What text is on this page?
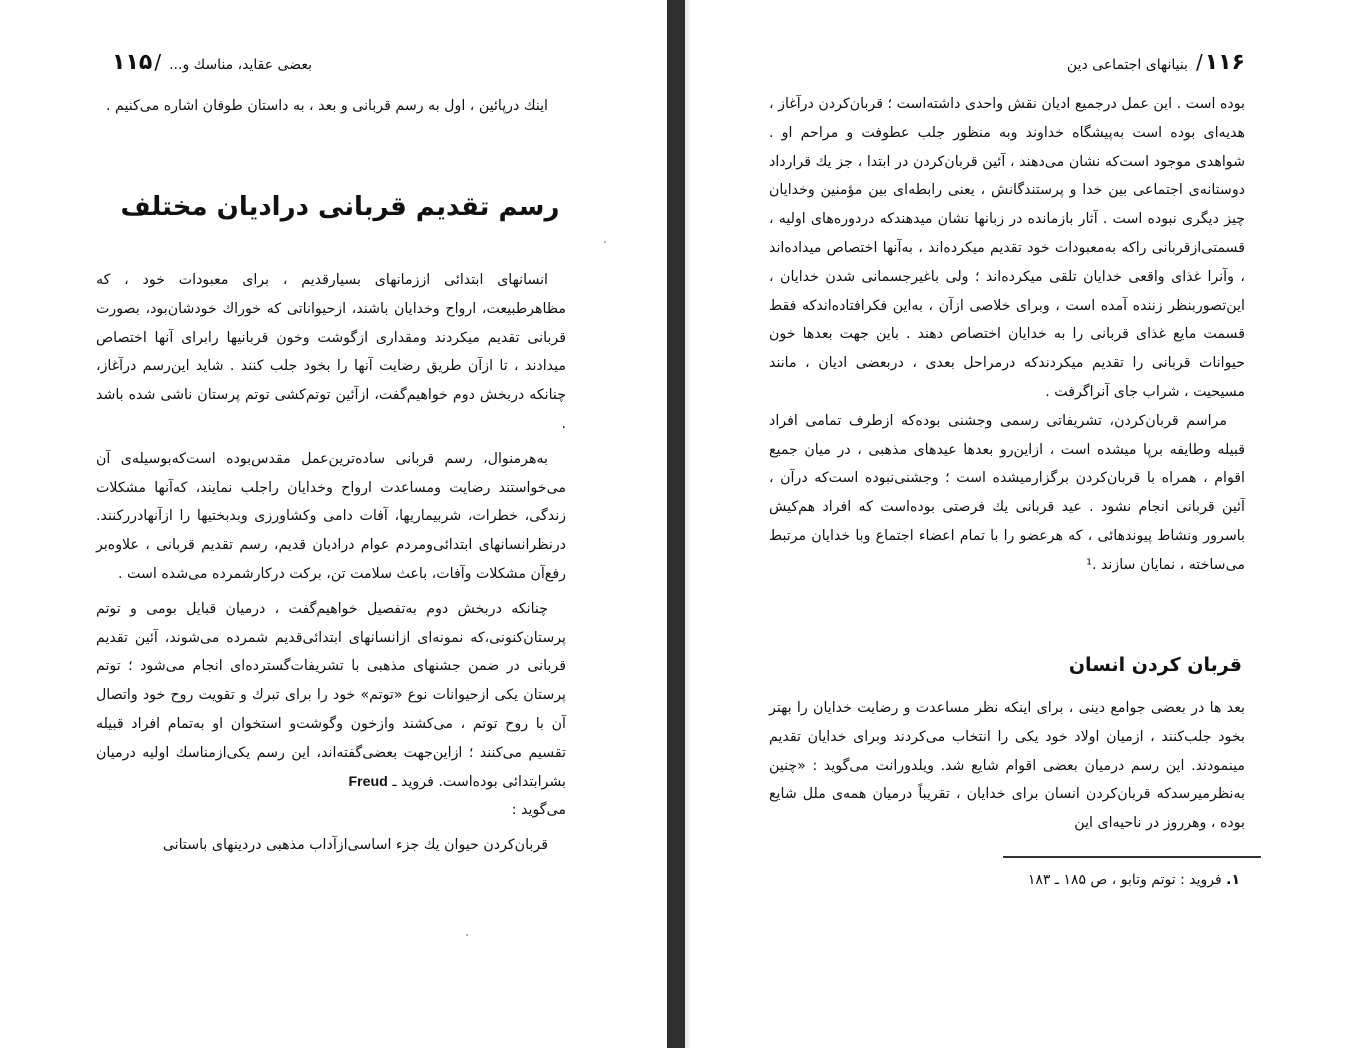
۱۱۵ / بعضی عقاید، مناسك و...

اینك درپائین ، اول به رسم قربانی و بعد ، به داستان طوفان اشاره می‌کنیم .

رسم تقدیم قربانی درادیان مختلف

انسانهای ابتدائی اززمانهای بسیارقدیم ، برای معبودات خود ، که مظاهرطبیعت، ارواح وخدایان باشند، ازحیواناتی که خوراك خودشان‌بود، بصورت قربانی تقدیم میکردند ومقداری ازگوشت وخون قربانیها رابرای آنها اختصاص میدادند ، تا ازآن طریق رضایت آنها را بخود جلب کنند . شاید این‌رسم درآغاز، چنانکه دربخش دوم خواهیم‌گفت، ازآئین توتم‌کشی توتم پرستان ناشی شده باشد .

به‌هرمنوال، رسم قربانی ساده‌ترین‌عمل مقدس‌بوده است‌که‌بوسیله‌ی آن می‌خواستند رضایت ومساعدت ارواح وخدایان راجلب نمایند، که‌آنها مشکلات زندگی، خطرات، شربیماریها، آفات دامی وکشاورزی وبدبختیها را ازآنهادرر‌کنند. درنظرانسانهای ابتدائی‌ومردم عوام درادیان قدیم، رسم تقدیم قربانی ، علاوه‌بر رفع‌آن مشکلات وآفات، باعث سلامت تن، برکت درکارشمرده می‌شده است .

چنانکه دربخش دوم به‌تفصیل خواهیم‌گفت ، درمیان قبایل بومی و توتم پرستان‌کنونی،که نمونه‌ای ازانسانهای ابتدائی‌قدیم شمرده می‌شوند، آئین تقدیم قربانی در ضمن جشنهای مذهبی با تشریفات‌گسترده‌ای انجام می‌شود ؛ توتم پرستان یکی ازحیوانات نوع «توتم» خود را برای تبرك و تقویت روح خود واتصال آن با روح توتم ، می‌کشند وازخون وگوشت‌و استخوان او به‌تمام افراد قبیله تقسیم می‌کنند ؛ ازاین‌جهت بعضی‌گفته‌اند، این رسم یکی‌ازمناسك اولیه درمیان بشرابتدائی بوده‌است. فروید ـ Freud

می‌گوید :

قربان‌کردن حیوان یك جزء اساسی‌ازآداب مذهبی دردینهای باستانی

۱۱۶
/
بنیانهای اجتماعی دین

بوده است . این عمل درجمیع ادیان نقش واحدی داشته‌است ؛ قربان‌کردن درآغاز ، هدیه‌ای بوده است به‌پیشگاه خداوند وبه منظور جلب عطوفت و مراحم او . شواهدی موجود است‌که نشان می‌دهند ، آئین قربان‌کردن در ابتدا ، جز یك قرارداد دوستانه‌ی اجتماعی بین خدا و پرستندگانش ، یعنی رابطه‌ای بین مؤمنین وخدایان چیز دیگری نبوده است . آثار بازمانده در زبانها نشان میدهندکه دردوره‌های اولیه ، قسمتی‌ازقربانی راکه به‌معبودات خود تقدیم میکرده‌اند ، به‌آنها اختصاص میداده‌اند ، وآنرا غذای واقعی خدایان تلقی میکرده‌اند ؛ ولی باغیرجسمانی شدن خدایان ، این‌تصوربنظر زننده آمده است ، وبرای خلاصی ازآن ، به‌این فکرافتاده‌اندکه فقط قسمت مایع غذای قربانی را به خدایان اختصاص دهند . باین جهت بعدها خون حیوانات قربانی را تقدیم میکردندکه درمراحل بعدی ، دربعضی ادیان ، مانند مسیحیت ، شراب جای آنراگرفت .

مراسم قربان‌کردن، تشریفاتی رسمی وجشنی بوده‌که ازطرف تمامی افراد قبیله وطایفه برپا میشده است ، ازاین‌رو بعدها عیدهای مذهبی ، در میان جمیع اقوام ، همراه با قربان‌کردن برگزارمیشده است ؛ وجشنی‌نبوده است‌که درآن ، آئین قربانی انجام نشود . عید قربانی یك فرصتی بوده‌است که افراد هم‌کیش باسرور ونشاط پیوندهائی ، که هرعضو را با تمام اعضاء اجتماع وبا خدایان مرتبط می‌ساخته ، نمایان سازند .¹

قربان کردن انسان

بعد ها در بعضی جوامع دینی ، برای اینکه نظر مساعدت و رضایت خدایان را بهتر بخود جلب‌کنند ، ازمیان اولاد خود یکی را انتخاب می‌کردند وبرای خدایان تقدیم مینمودند. این رسم درمیان بعضی اقوام شایع شد. ویلدورانت می‌گوید : «چنین به‌نظرمیرسدکه قربان‌کردن انسان برای خدایان ، تقریباً درمیان همه‌ی ملل شایع بوده ، وهرروز در ناحیه‌ای این

۱. فروید : توتم وتابو ، ص ۱۸۵ ـ ۱۸۳
